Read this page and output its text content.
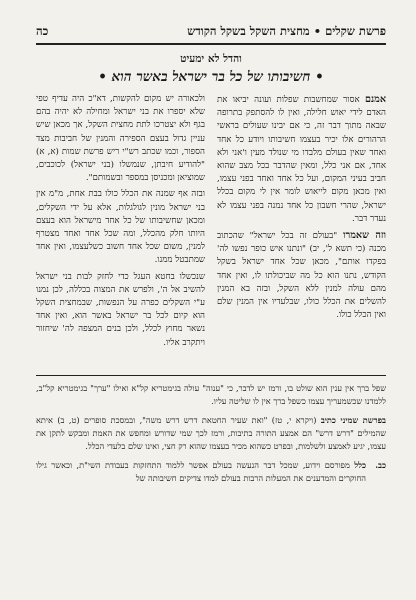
פרשת שקלים • מחצית השקל בשקל הקודש
כה
והדל לא ימעיט
• חשיבותו של כל בר ישראל באשר הוא •

אמנם אסור שמחשבות שפלות ועונה יביאו את האדם לידי יאוש חלילה, ואין לו להסתפק בתרופה שבאה מתוך דבר זה, כי אם יבינו שעולים בראשי הרהורים אלו יכיר בעצמו חשיבותו ויודע כל אחד ואחד שאין בעולם מלבדו מי שנולד מעין ו'אני ולא אחד, אם אני כלל, ומאין שהדבר בכל מצב שהוא חביב בעיני המקום, ועל כל אחד ואחד בפני עצמו, ואין מכאן מקום לייאוש לומר אין לי מקום בכלל ישראל, שהרי חשבון כל אחד נמנה בפני עצמו לא נעדר דבר.

וזה שאמרו "בעולם זה בכל ישראל" שהכתוב מכנה (כי תשא ל', יב) "ונתנו איש כופר נפשו לה' בפקדו אותם", מכאן שכל אחד ישראל בשקל הקודש, נתנו הוא כל מה שביכולתו לו, ואין אחד מהם עולה למנין ללא השקל, ובזה בא המנין להשלים את הכלל כולו, שבלעדיו אין המנין שלם ואין הכלל כולו.

ולכאורה יש מקום להקשות, דא"כ היה עדיף טפי שלא יספרו את בני ישראל ומחילה לא יהיה בהם בגף ולא יצטרכו לתת מחצית השקל, אך מכאן שיש עניין גדול בעצם הספירה והמנין של חביבות מצד הספור, וכמו שכתב רש"י ריש פרשת שמות (א, א) "להודיע חיבתן, שנמשלו (בני ישראל) לכוכבים, שמוציאן ומכניסן במספר ובשמותם".

ובזה אף שמנה את הכלל כולו בבת אחת, מ"מ אין בני ישראל מונין לגולגלות, אלא על ידי השקלים, ומכאן שחשיבותו של כל אחד מישראל הוא בעצם היותו חלק מהכלל, ומה שכל אחד ואחד מצטרף למנין, משום שכל אחד חשוב כשלעצמו, ואין אחד שמתבטל ממנו.

שנכשלו בחטא העגל כדי לחזק לבות בני ישראל להשיב אל ה', ולפרש את המצוה בכללה, לכן נמנו ע"י השקלים כפרה על הנפשות, שבמחצית השקל הוא קיום לכל בר ישראל באשר הוא, ואין אחד נשאר מחוץ לכלל, ולכן בנים המצפה לה' שיחזור ויתקרב אליו.

שפל ברך אין ענין הוא שולט בו, ורמז יש לדבר, כי "ענוה" עולה בגימטריא קל"א ואילו "ערך" בגימטריא קל"ב, ללמדנו שכשמעריך עצמו כשפל ברך אין לו שליטה עליו.
בפרשת שמיני כתיב (ויקרא י, טז) "ואת שעיר החטאת דרש דרש משה", ובמסכת סופרים (ט, ב) איתא שהמילים "דרש דרש" הם אמצע התורה בתיבות, ורמז לכך שמי שדורש ומחפש את האמת ומבקש לתקן את עצמו, יגיע לאמצע ולשלמות, ובפרט כשהוא מכיר בעצמו שהוא רק חצי, ואינו שלם בלעדי הכלל.
כב.
כלל מפורסם וידוע, שמכל דבר הנעשה בעולם אפשר ללמוד התחזקות בעבודת השי"ת, וכאשר גילו החוקרים והמדענים את המעלות הרבות בעולם למדו צדיקים חשיבותה של
